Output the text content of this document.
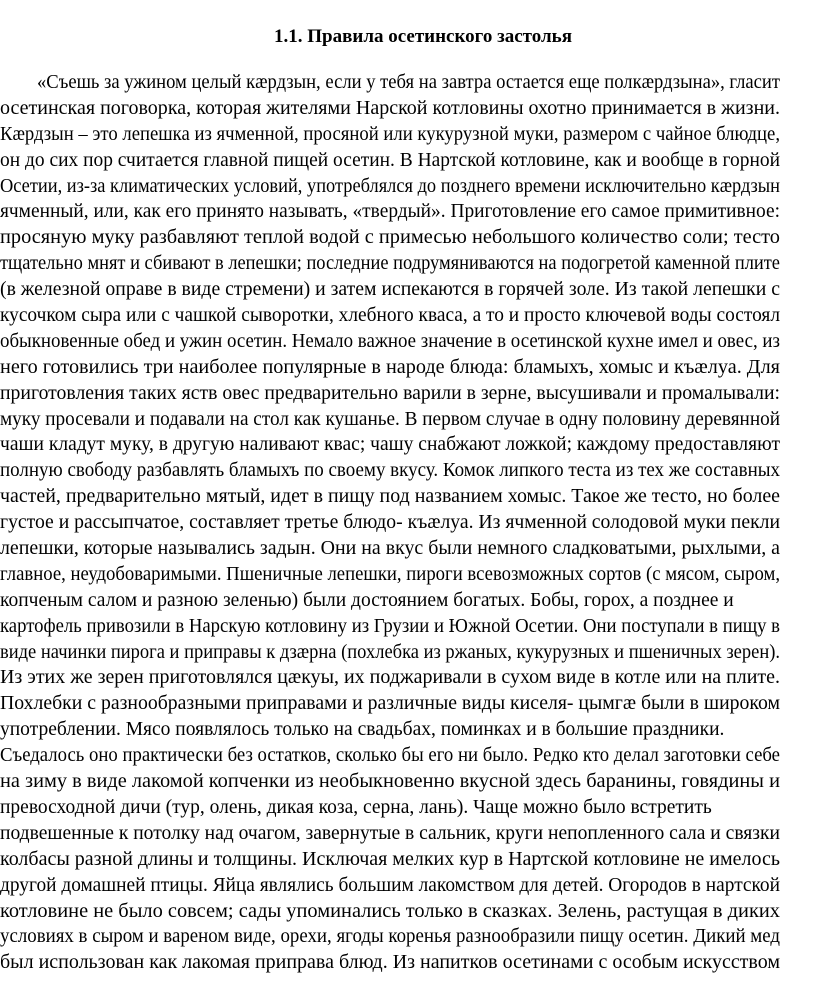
1.1. Правила осетинского застолья
«Съешь за ужином целый кæрдзын, если у тебя на завтра остается еще полкæрдзына», гласит
осетинская поговорка, которая жителями Нарской котловины охотно принимается в жизни.
Кæрдзын – это лепешка из ячменной, просяной или кукурузной муки, размером с чайное блюдце,
он до сих пор считается главной пищей осетин. В Нартской котловине, как и вообще в горной
Осетии, из-за климатических условий, употреблялся до позднего времени исключительно кæрдзын
ячменный, или, как его принято называть, «твердый». Приготовление его самое примитивное:
просяную муку разбавляют теплой водой с примесью небольшого количество соли; тесто
тщательно мнят и сбивают в лепешки; последние подрумяниваются на подогретой каменной плите
(в железной оправе в виде стремени) и затем испекаются в горячей золе. Из такой лепешки с
кусочком сыра или с чашкой сыворотки, хлебного кваса, а то и просто ключевой воды состоял
обыкновенные обед и ужин осетин. Немало важное значение в осетинской кухне имел и овес, из
него готовились три наиболее популярные в народе блюда: бламыхъ, хомыс и къæлуа. Для
приготовления таких яств овес предварительно варили в зерне, высушивали и промалывали:
муку просевали и подавали на стол как кушанье. В первом случае в одну половину деревянной
чаши кладут муку, в другую наливают квас; чашу снабжают ложкой; каждому предоставляют
полную свободу разбавлять бламыхъ по своему вкусу. Комок липкого теста из тех же составных
частей, предварительно мятый, идет в пищу под названием хомыс. Такое же тесто, но более
густое и рассыпчатое, составляет третье блюдо- къæлуа. Из ячменной солодовой муки пекли
лепешки, которые назывались задын. Они на вкус были немного сладковатыми, рыхлыми, а
главное, неудобоваримыми. Пшеничные лепешки, пироги всевозможных сортов (с мясом, сыром,
копченым салом и разною зеленью) были достоянием богатых. Бобы, горох, а позднее и
картофель привозили в Нарскую котловину из Грузии и Южной Осетии. Они поступали в пищу в
виде начинки пирога и приправы к дзæрна (похлебка из ржаных, кукурузных и пшеничных зерен).
Из этих же зерен приготовлялся цæкуы, их поджаривали в сухом виде в котле или на плите.
Похлебки с разнообразными приправами и различные виды киселя- цымгæ были в широком
употреблении. Мясо появлялось только на свадьбах, поминках и в большие праздники.
Съедалось оно практически без остатков, сколько бы его ни было. Редко кто делал заготовки себе
на зиму в виде лакомой копченки из необыкновенно вкусной здесь баранины, говядины и
превосходной дичи (тур, олень, дикая коза, серна, лань). Чаще можно было встретить
подвешенные к потолку над очагом, завернутые в сальник, круги непопленного сала и связки
колбасы разной длины и толщины. Исключая мелких кур в Нартской котловине не имелось
другой домашней птицы. Яйца являлись большим лакомством для детей. Огородов в нартской
котловине не было совсем; сады упоминались только в сказках. Зелень, растущая в диких
условиях в сыром и вареном виде, орехи, ягоды коренья разнообразили пищу осетин. Дикий мед
был использован как лакомая приправа блюд. Из напитков осетинами с особым искусством
